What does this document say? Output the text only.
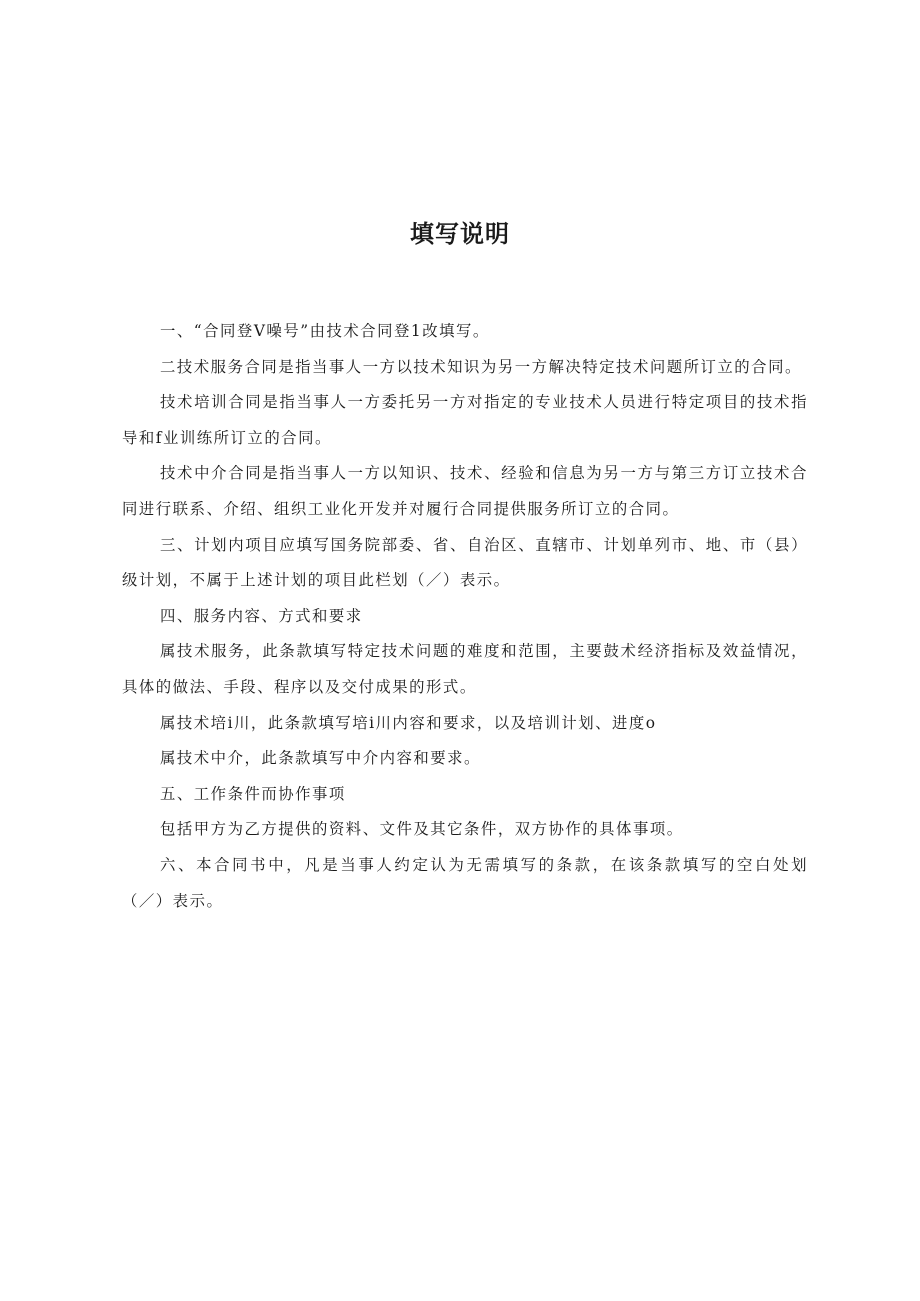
填写说明

一、“合同登Ⅴ噪号”由技术合同登1改填写。

二技术服务合同是指当事人一方以技术知识为另一方解决特定技术问题所订立的合同。

技术培训合同是指当事人一方委托另一方对指定的专业技术人员进行特定项目的技术指导和f业训练所订立的合同。

技术中介合同是指当事人一方以知识、技术、经验和信息为另一方与第三方订立技术合同进行联系、介绍、组织工业化开发并对履行合同提供服务所订立的合同。

三、计划内项目应填写国务院部委、省、自治区、直辖市、计划单列市、地、市（县）级计划，不属于上述计划的项目此栏划（／）表示。

四、服务内容、方式和要求

属技术服务，此条款填写特定技术问题的难度和范围，主要鼓术经济指标及效益情况，具体的做法、手段、程序以及交付成果的形式。

属技术培i川，此条款填写培i川内容和要求，以及培训计划、进度o

属技术中介，此条款填写中介内容和要求。

五、工作条件而协作事项

包括甲方为乙方提供的资料、文件及其它条件，双方协作的具体事项。

六、本合同书中，凡是当事人约定认为无需填写的条款，在该条款填写的空白处划（／）表示。
